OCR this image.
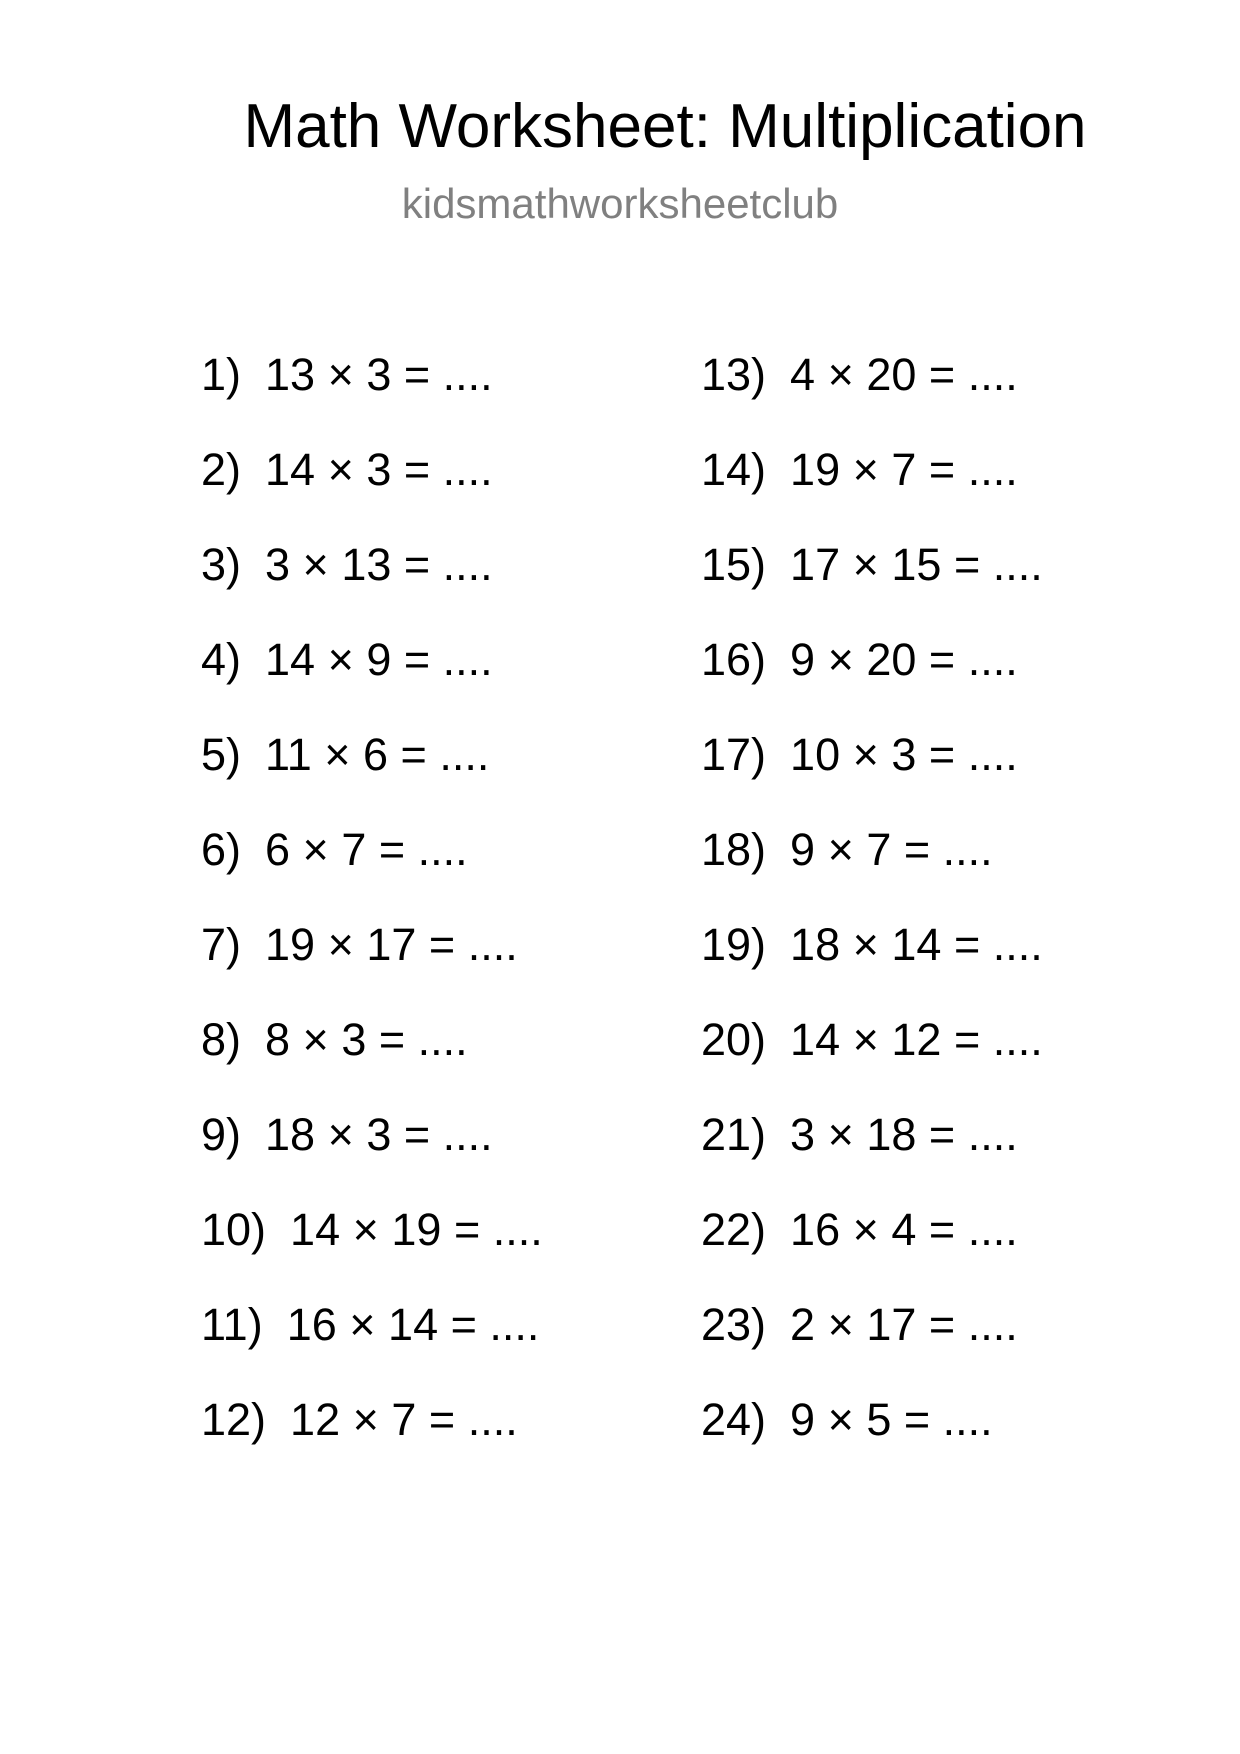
Math Worksheet: Multiplication
kidsmathworksheetclub
1) 13 × 3 = ....
2) 14 × 3 = ....
3) 3 × 13 = ....
4) 14 × 9 = ....
5) 11 × 6 = ....
6) 6 × 7 = ....
7) 19 × 17 = ....
8) 8 × 3 = ....
9) 18 × 3 = ....
10) 14 × 19 = ....
11) 16 × 14 = ....
12) 12 × 7 = ....
13) 4 × 20 = ....
14) 19 × 7 = ....
15) 17 × 15 = ....
16) 9 × 20 = ....
17) 10 × 3 = ....
18) 9 × 7 = ....
19) 18 × 14 = ....
20) 14 × 12 = ....
21) 3 × 18 = ....
22) 16 × 4 = ....
23) 2 × 17 = ....
24) 9 × 5 = ....
